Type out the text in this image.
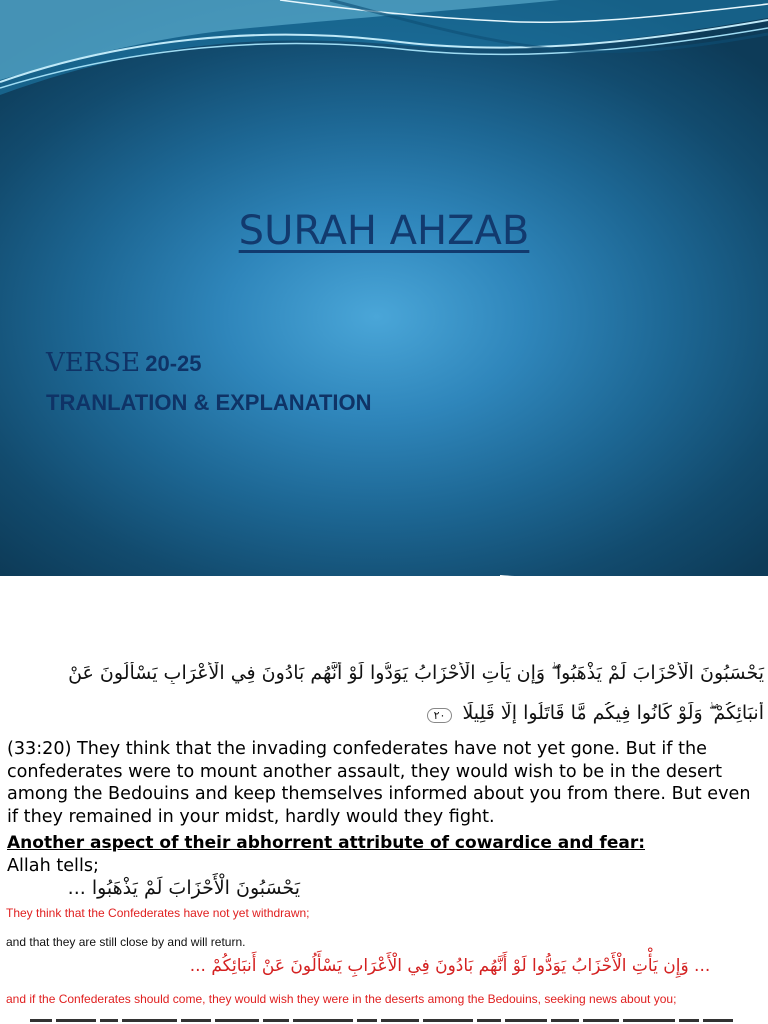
SURAH AHZAB
VERSE 20-25
TRANLATION & EXPLANATION
يَحْسَبُونَ الْأَحْزَابَ لَمْ يَذْهَبُوا ۖ وَإِن يَأْتِ الْأَحْزَابُ يَوَدُّوا لَوْ أَنَّهُم بَادُونَ فِي الْأَعْرَابِ يَسْأَلُونَ عَنْ
أَنبَائِكُمْ ۖ وَلَوْ كَانُوا فِيكُم مَّا قَاتَلُوا إِلَّا قَلِيلًا ٢٠

(33:20) They think that the invading confederates have not yet gone. But if the confederates were to mount another assault, they would wish to be in the desert among the Bedouins and keep themselves informed about you from there. But even if they remained in your midst, hardly would they fight.

Another aspect of their abhorrent attribute of cowardice and fear:

Allah tells;

يَحْسَبُونَ الْأَحْزَابَ لَمْ يَذْهَبُوا ...

They think that the Confederates have not yet withdrawn;

and that they are still close by and will return.

... وَإِن يَأْتِ الْأَحْزَابُ يَوَدُّوا لَوْ أَنَّهُم بَادُونَ فِي الْأَعْرَابِ يَسْأَلُونَ عَنْ أَنبَائِكُمْ ...

and if the Confederates should come, they would wish they were in the deserts among the Bedouins, seeking news about you;
